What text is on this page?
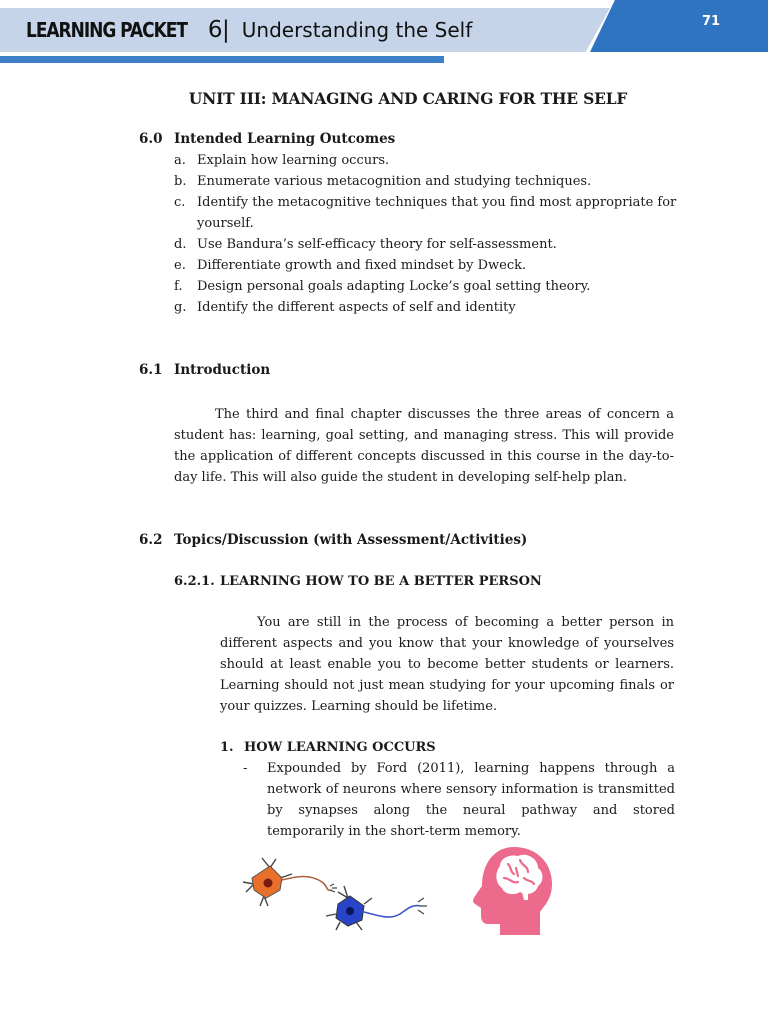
LEARNING PACKET 6| Understanding the Self	71
UNIT III: MANAGING AND CARING FOR THE SELF
6.0 Intended Learning Outcomes
a. Explain how learning occurs.
b. Enumerate various metacognition and studying techniques.
c. Identify the metacognitive techniques that you find most appropriate for yourself.
d. Use Bandura’s self-efficacy theory for self-assessment.
e. Differentiate growth and fixed mindset by Dweck.
f. Design personal goals adapting Locke’s goal setting theory.
g. Identify the different aspects of self and identity
6.1 Introduction

The third and final chapter discusses the three areas of concern a student has: learning, goal setting, and managing stress. This will provide the application of different concepts discussed in this course in the day-to-day life. This will also guide the student in developing self-help plan.

6.2 Topics/Discussion (with Assessment/Activities)
6.2.1. LEARNING HOW TO BE A BETTER PERSON

You are still in the process of becoming a better person in different aspects and you know that your knowledge of yourselves should at least enable you to become better students or learners. Learning should not just mean studying for your upcoming finals or your quizzes. Learning should be lifetime.

1. HOW LEARNING OCCURS
- Expounded by Ford (2011), learning happens through a network of neurons where sensory information is transmitted by synapses along the neural pathway and stored temporarily in the short-term memory.
